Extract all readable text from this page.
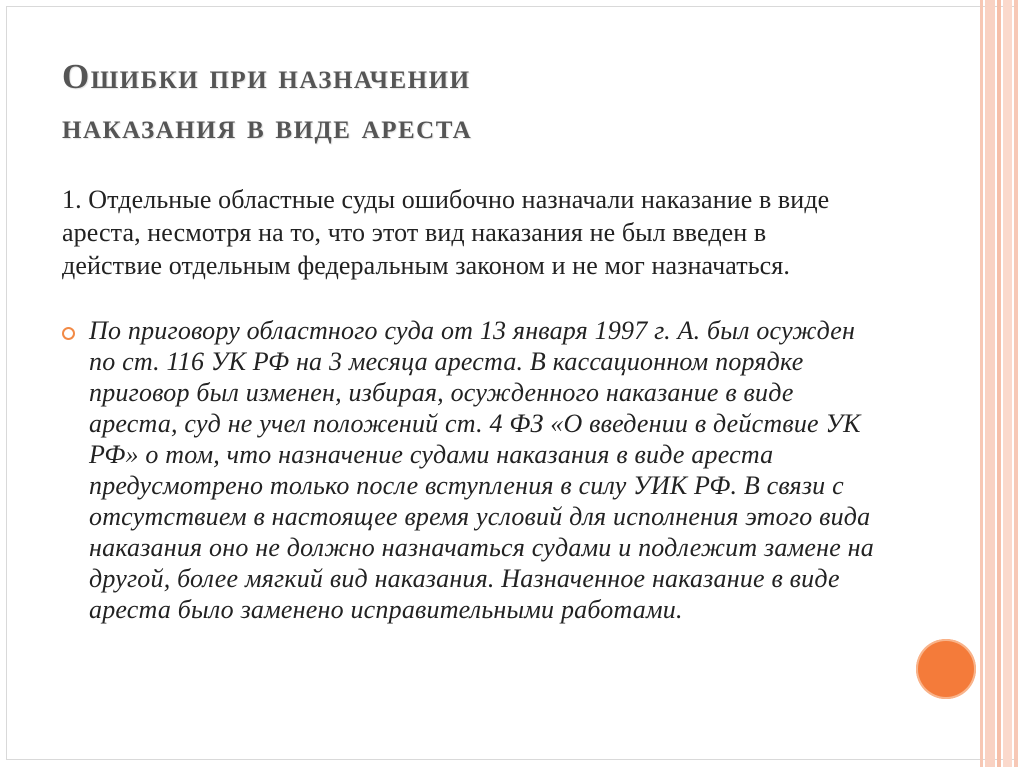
Ошибки при назначении
наказания в виде ареста

1. Отдельные областные суды ошибочно назначали наказание в виде ареста, несмотря на то, что этот вид наказания не был введен в действие отдельным федеральным законом и не мог назначаться.

По приговору областного суда от 13 января 1997 г. А. был осужден по ст. 116 УК РФ на 3 месяца ареста. В кассационном порядке приговор был изменен, избирая, осужденного наказание в виде ареста, суд не учел положений ст. 4 ФЗ «О введении в действие УК РФ» о том, что назначение судами наказания в виде ареста предусмотрено только после вступления в силу УИК РФ. В связи с отсутствием в настоящее время условий для исполнения этого вида наказания оно не должно назначаться судами и подлежит замене на другой, более мягкий вид наказания. Назначенное наказание в виде ареста было заменено исправительными работами.
